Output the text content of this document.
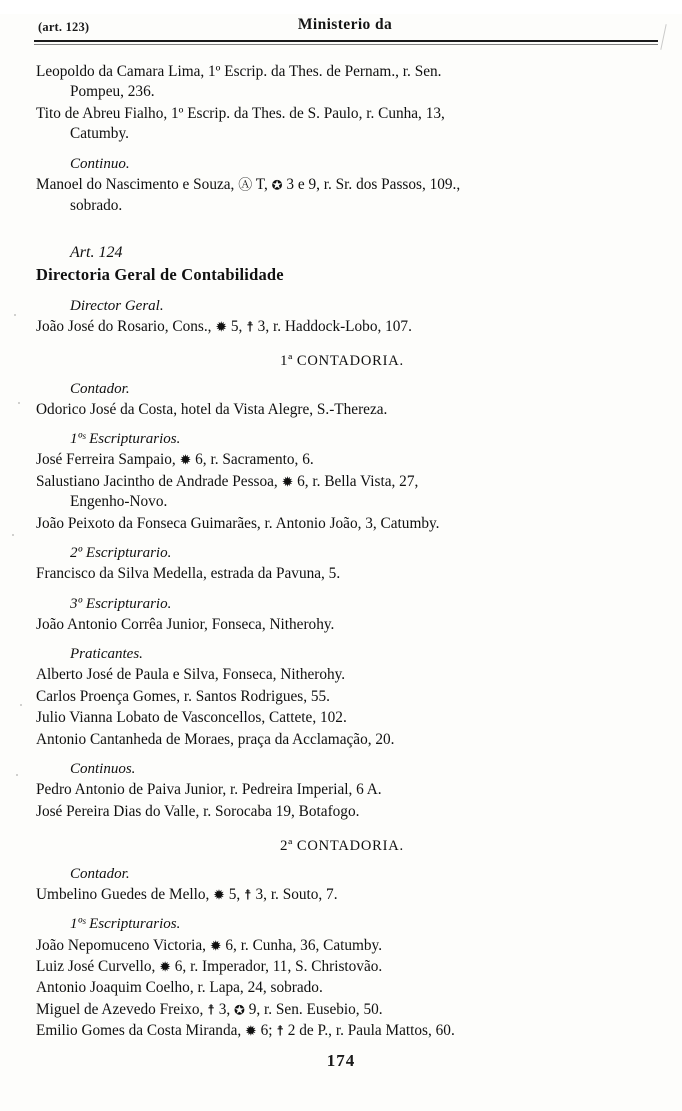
(art. 123)	Ministerio da

Leopoldo da Camara Lima, 1º Escrip. da Thes. de Pernam., r. Sen.
Pompeu, 236.

Tito de Abreu Fialho, 1º Escrip. da Thes. de S. Paulo, r. Cunha, 13,
Catumby.

Continuo.

Manoel do Nascimento e Souza, Ⓐ T, ✪ 3 e 9, r. Sr. dos Passos, 109.,
sobrado.

Art. 124
Directoria Geral de Contabilidade
Director Geral.

João José do Rosario, Cons., ✹ 5, ☨ 3, r. Haddock-Lobo, 107.

1ª CONTADORIA.
Contador.

Odorico José da Costa, hotel da Vista Alegre, S.-Thereza.

1ºˢ Escripturarios.

José Ferreira Sampaio, ✹ 6, r. Sacramento, 6.

Salustiano Jacintho de Andrade Pessoa, ✹ 6, r. Bella Vista, 27,
Engenho-Novo.

João Peixoto da Fonseca Guimarães, r. Antonio João, 3, Catumby.

2º Escripturario.

Francisco da Silva Medella, estrada da Pavuna, 5.

3º Escripturario.

João Antonio Corrêa Junior, Fonseca, Nitherohy.

Praticantes.

Alberto José de Paula e Silva, Fonseca, Nitherohy.

Carlos Proença Gomes, r. Santos Rodrigues, 55.

Julio Vianna Lobato de Vasconcellos, Cattete, 102.

Antonio Cantanheda de Moraes, praça da Acclamação, 20.

Continuos.

Pedro Antonio de Paiva Junior, r. Pedreira Imperial, 6 A.

José Pereira Dias do Valle, r. Sorocaba 19, Botafogo.

2ª CONTADORIA.
Contador.

Umbelino Guedes de Mello, ✹ 5, ☨ 3, r. Souto, 7.

1ºˢ Escripturarios.

João Nepomuceno Victoria, ✹ 6, r. Cunha, 36, Catumby.

Luiz José Curvello, ✹ 6, r. Imperador, 11, S. Christovão.

Antonio Joaquim Coelho, r. Lapa, 24, sobrado.

Miguel de Azevedo Freixo, ☨ 3, ✪ 9, r. Sen. Eusebio, 50.

Emilio Gomes da Costa Miranda, ✹ 6; ☨ 2 de P., r. Paula Mattos, 60.

174
